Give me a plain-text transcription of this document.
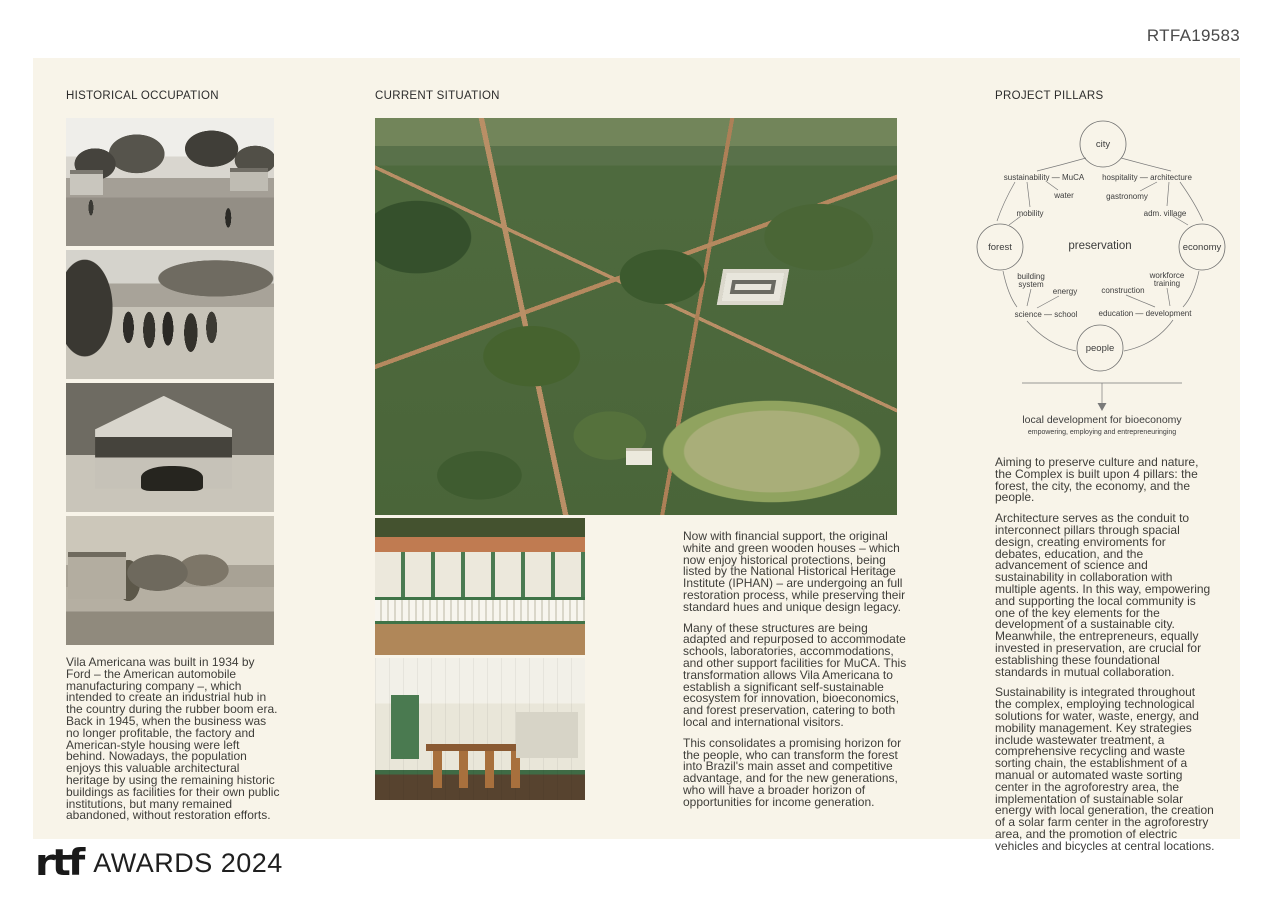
RTFA19583
HISTORICAL OCCUPATION
Vila Americana was built in 1934 by Ford – the American automobile manufacturing company –, which intended to create an industrial hub in the country during the rubber boom era. Back in 1945, when the business was no longer profitable, the factory and American-style housing were left behind. Nowadays, the population enjoys this valuable architectural heritage by using the remaining historic buildings as facilities for their own public institutions, but many remained abandoned, without restoration efforts.
CURRENT SITUATION

Now with financial support, the original white and green wooden houses – which now enjoy historical protections, being listed by the National Historical Heritage Institute (IPHAN) – are undergoing an full restoration process, while preserving their standard hues and unique design legacy.

Many of these structures are being adapted and repurposed to accommodate schools, laboratories, accommodations, and other support facilities for MuCA. This transformation allows Vila Americana to establish a significant self-sustainable ecosystem for innovation, bioeconomics, and forest preservation, catering to both local and international visitors.

This consolidates a promising horizon for the people, who can transform the forest into Brazil's main asset and competitive advantage, and for the new generations, who will have a broader horizon of opportunities for income generation.

PROJECT PILLARS
city
forest	economy
people
preservation
sustainability — MuCA hospitality — architecture
water	gastronomy
mobility	adm. village
building
system
energy	construction
workforce
training
science — school	education — development
local development for bioeconomy
empowering, employing and entrepreneuringing

Aiming to preserve culture and nature, the Complex is built upon 4 pillars: the forest, the city, the economy, and the people.

Architecture serves as the conduit to interconnect pillars through spacial design, creating enviroments for debates, education, and the advancement of science and sustainability in collaboration with multiple agents. In this way, empowering and supporting the local community is one of the key elements for the development of a sustainable city. Meanwhile, the entrepreneurs, equally invested in preservation, are crucial for establishing these foundational standards in mutual collaboration.

Sustainability is integrated throughout the complex, employing technological solutions for water, waste, energy, and mobility management. Key strategies include wastewater treatment, a comprehensive recycling and waste sorting chain, the establishment of a manual or automated waste sorting center in the agroforestry area, the implementation of sustainable solar energy with local generation, the creation of a solar farm center in the agroforestry area, and the promotion of electric vehicles and bicycles at central locations.

rtf AWARDS 2024
